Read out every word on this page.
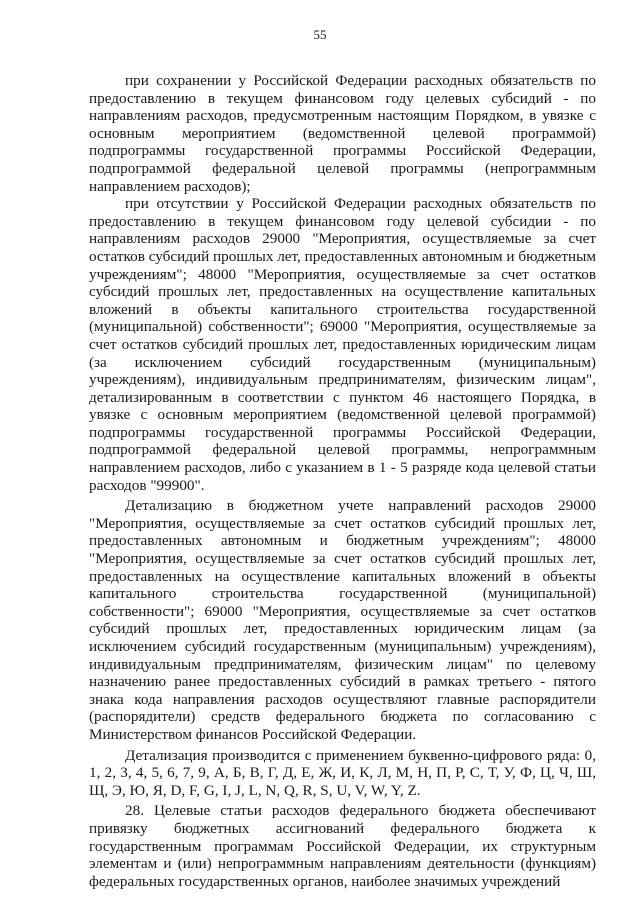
55

при сохранении у Российской Федерации расходных обязательств по предоставлению в текущем финансовом году целевых субсидий - по направлениям расходов, предусмотренным настоящим Порядком, в увязке с основным мероприятием (ведомственной целевой программой) подпрограммы государственной программы Российской Федерации, подпрограммой федеральной целевой программы (непрограммным направлением расходов);

при отсутствии у Российской Федерации расходных обязательств по предоставлению в текущем финансовом году целевой субсидии - по направлениям расходов 29000 "Мероприятия, осуществляемые за счет остатков субсидий прошлых лет, предоставленных автономным и бюджетным учреждениям"; 48000 "Мероприятия, осуществляемые за счет остатков субсидий прошлых лет, предоставленных на осуществление капитальных вложений в объекты капитального строительства государственной (муниципальной) собственности"; 69000 "Мероприятия, осуществляемые за счет остатков субсидий прошлых лет, предоставленных юридическим лицам (за исключением субсидий государственным (муниципальным) учреждениям), индивидуальным предпринимателям, физическим лицам", детализированным в соответствии с пунктом 46 настоящего Порядка, в увязке с основным мероприятием (ведомственной целевой программой) подпрограммы государственной программы Российской Федерации, подпрограммой федеральной целевой программы, непрограммным направлением расходов, либо с указанием в 1 - 5 разряде кода целевой статьи расходов "99900".

Детализацию в бюджетном учете направлений расходов 29000 "Мероприятия, осуществляемые за счет остатков субсидий прошлых лет, предоставленных автономным и бюджетным учреждениям"; 48000 "Мероприятия, осуществляемые за счет остатков субсидий прошлых лет, предоставленных на осуществление капитальных вложений в объекты капитального строительства государственной (муниципальной) собственности"; 69000 "Мероприятия, осуществляемые за счет остатков субсидий прошлых лет, предоставленных юридическим лицам (за исключением субсидий государственным (муниципальным) учреждениям), индивидуальным предпринимателям, физическим лицам" по целевому назначению ранее предоставленных субсидий в рамках третьего - пятого знака кода направления расходов осуществляют главные распорядители (распорядители) средств федерального бюджета по согласованию с Министерством финансов Российской Федерации.

Детализация производится с применением буквенно-цифрового ряда: 0, 1, 2, 3, 4, 5, 6, 7, 9, А, Б, В, Г, Д, Е, Ж, И, К, Л, М, Н, П, Р, С, Т, У, Ф, Ц, Ч, Ш, Щ, Э, Ю, Я, D, F, G, I, J, L, N, Q, R, S, U, V, W, Y, Z.

28. Целевые статьи расходов федерального бюджета обеспечивают привязку бюджетных ассигнований федерального бюджета к государственным программам Российской Федерации, их структурным элементам и (или) непрограммным направлениям деятельности (функциям) федеральных государственных органов, наиболее значимых учреждений
